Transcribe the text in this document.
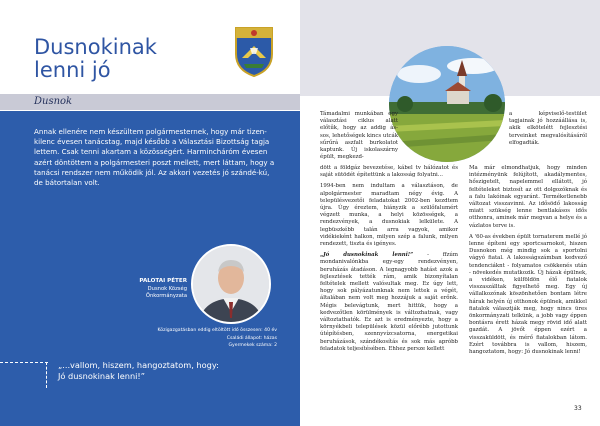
Dusnokinak lenni jó
Dusnok
Annak ellenére nem készültem polgármesternek, hogy már tizen-kilenc évesen tanácstag, majd később a Választási Bizottság tagja lettem. Csak tenni akartam a közösségért. Harmincháróm évesen azért döntöttem a polgármesteri poszt mellett, mert láttam, hogy a tanácsi rendszer nem működik jól. Az akkori vezetés jó szándé-kú, de bátortalan volt.
PALOTAI PÉTER
Dusnok Község
Önkormányzata
Közigazgatásban eddig eltöltött idő összesen: 40 év
Családi állapot: házas
Gyermekek száma: 2
„...vallom, hiszem, hangoztatom, hogy:
Jó dusnokinak lenni!”

Támadalmi munkában egy választási ciklus alatt előtűk, hogy az addig ás-sos, lehetőségek kincs utcák sűrűrá aszfalt burkolatot kaptunk. Új iskolaszárny épült, megkezd-

dött a földgáz bevezetése, kábel tv hálózatot és saját sütödét építettünk a lakosság folyatni...

1994-ben nem indultam a választáson, de alpolgármester maradtam négy évig. A településvezetői feladatokat 2002-ben kezdtem újra. Úgy éreztem, hiányzik a szülőfalumért végzett munka, a helyi közösségek, a rendezvények, a dusnokiak lelkülete. A legbüszkébb talán arra vagyok, amikor vidékieként halkon, milyen szép a falunk, milyen rendezett, tiszta és igényes.

„Jó dusnokinak lenni!” - ffzúm mondanivalónkba egy-egy rendezvényen, beruházás átadáson. A legnagyobb hatást azok a fejlesztések tették rám, amik bizonyítalan feltételek mellett valósultak meg. Ez úgy lett, hogy sok pályázatunknak nem lettek a végét, általában nem volt meg hozzájuk a saját erőnk. Mégis belevágtunk, mert hittük, hogy a kedvezőtlen körülmények is változhatnak, vagy változtathatók. Ez azt is eredményezte, hogy a környékbeli települések közül előrébb jutottunk útépítésben, szennyvízcsatorna, energetikai beruházások, szándékosítás és sok más apróbb feladatok teljesítésében. Ehhez persze kellett

a képviselő-testület tagjainak jó hozzáállása is, akik elkötelétt fejlesztési terveinket megvalósításáról elfogadták.

Ma már elmondhatjuk, hogy minden intézményünk felújított, akadálymentes, hőszigetelt, napelemmel ellátott, jó feltételeket biztosít az ott dolgozóknak és a falu lakóinak egyaránt. Terméketlenebb változat visszavinni. Az idősödő lakosság miatt szükség lenne bentlakásos idős otthonra, aminek már megvan a helye és a vázlatos terve is.

A '60-as években épült tornaterem mellé jó lenne építeni egy sportcsarnokot, hiszen Dusnokon még mindig sok a sportolni vágyó fiatal. A lakosságszámban kedvező tendenciáknt - folyamatos csökkenés után - növekedés mutatkozik. Új házak épülnek, a vidéken, külföldön élő fiatalok visszaszálltak figyelhető meg. Egy új vállalkozónak köszönhetően bontam létre hárak helyén új otthonok épülnek, amikkel fiatalok választják meg, hogy nincs üres önkormányzati telkünk, a jobb vagy éppen bontásra érett házak megy rövid idő alatt gazdát. A jövőt éppen ezért a visszaküldött, és mérő fiatalokban látom. Ezért továbbra is vallom, hiszem, hangoztatom, hogy: Jó dusnokinak lenni!

33
